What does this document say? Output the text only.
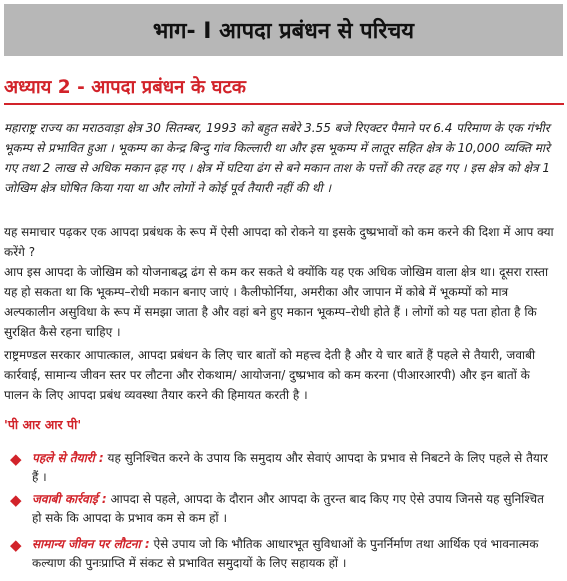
भाग- I आपदा प्रबंधन से परिचय
अध्याय 2 - आपदा प्रबंधन के घटक
महाराष्ट्र राज्य का मराठवाड़ा क्षेत्र 30 सितम्बर, 1993 को बहुत सबेरे 3.55 बजे रिएक्टर पैमाने पर 6.4 परिमाण के एक गंभीर भूकम्प से प्रभावित हुआ । भूकम्प का केन्द्र बिन्दु गांव किल्लारी था और इस भूकम्प में लातूर सहित क्षेत्र के 10,000 व्यक्ति मारे गए तथा 2 लाख से अधिक मकान ढ़ह गए । क्षेत्र में घटिया ढंग से बने मकान ताश के पत्तों की तरह ढह गए । इस क्षेत्र को क्षेत्र 1 जोखिम क्षेत्र घोषित किया गया था और लोगों ने कोई पूर्व तैयारी नहीं की थी ।
यह समाचार पढ़कर एक आपदा प्रबंधक के रूप में ऐसी आपदा को रोकने या इसके दुष्प्रभावों को कम करने की दिशा में आप क्या करेंगे ?
आप इस आपदा के जोखिम को योजनाबद्ध ढंग से कम कर सकते थे क्योंकि यह एक अधिक जोखिम वाला क्षेत्र था। दूसरा रास्ता यह हो सकता था कि भूकम्प–रोधी मकान बनाए जाएं । कैलीफोर्निया, अमरीका और जापान में कोबे में भूकम्पों को मात्र अल्पकालीन असुविधा के रूप में समझा जाता है और वहां बने हुए मकान भूकम्प–रोधी होते हैं । लोगों को यह पता होता है कि सुरक्षित कैसे रहना चाहिए ।
राष्ट्रमण्डल सरकार आपात्काल, आपदा प्रबंधन के लिए चार बातों को महत्त्व देती है और ये चार बातें हैं पहले से तैयारी, जवाबी कार्रवाई, सामान्य जीवन स्तर पर लौटना और रोकथाम/ आयोजना/ दुष्प्रभाव को कम करना (पीआरआरपी) और इन बातों के पालन के लिए आपदा प्रबंध व्यवस्था तैयार करने की हिमायत करती है ।
'पी आर आर पी'
◆ पहले से तैयारी : यह सुनिश्चित करने के उपाय कि समुदाय और सेवाएं आपदा के प्रभाव से निबटने के लिए पहले से तैयार हैं ।
◆ जवाबी कार्रवाई : आपदा से पहले, आपदा के दौरान और आपदा के तुरन्त बाद किए गए ऐसे उपाय जिनसे यह सुनिश्चित हो सके कि आपदा के प्रभाव कम से कम हों ।
◆ सामान्य जीवन पर लौटना : ऐसे उपाय जो कि भौतिक आधारभूत सुविधाओं के पुनर्निर्माण तथा आर्थिक एवं भावनात्मक कल्याण की पुनःप्राप्ति में संकट से प्रभावित समुदायों के लिए सहायक हों ।
